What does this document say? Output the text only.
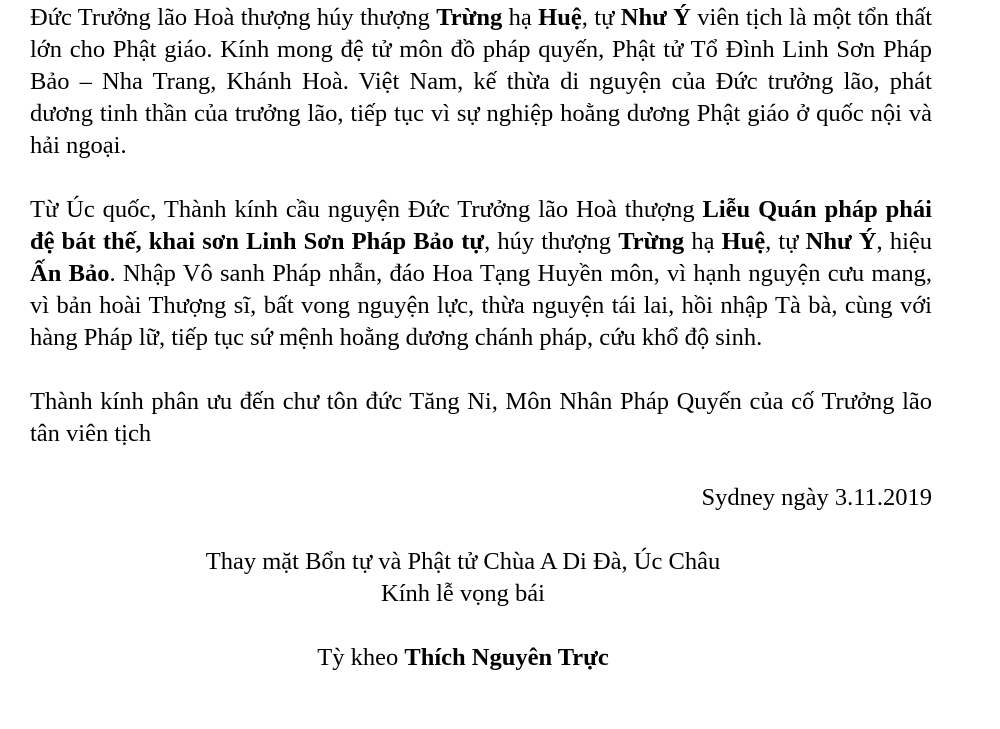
Đức Trưởng lão Hoà thượng húy thượng Trừng hạ Huệ, tự Như Ý viên tịch là một tổn thất lớn cho Phật giáo. Kính mong đệ tử môn đồ pháp quyến, Phật tử Tổ Đình Linh Sơn Pháp Bảo – Nha Trang, Khánh Hoà. Việt Nam, kế thừa di nguyện của Đức trưởng lão, phát dương tinh thần của trưởng lão, tiếp tục vì sự nghiệp hoằng dương Phật giáo ở quốc nội và hải ngoại.

Từ Úc quốc, Thành kính cầu nguyện Đức Trưởng lão Hoà thượng Liễu Quán pháp phái đệ bát thế, khai sơn Linh Sơn Pháp Bảo tự, húy thượng Trừng hạ Huệ, tự Như Ý, hiệu Ấn Bảo. Nhập Vô sanh Pháp nhẫn, đáo Hoa Tạng Huyền môn, vì hạnh nguyện cưu mang, vì bản hoài Thượng sĩ, bất vong nguyện lực, thừa nguyện tái lai, hồi nhập Tà bà, cùng với hàng Pháp lữ, tiếp tục sứ mệnh hoằng dương chánh pháp, cứu khổ độ sinh.

Thành kính phân ưu đến chư tôn đức Tăng Ni, Môn Nhân Pháp Quyến của cố Trưởng lão tân viên tịch

Sydney ngày 3.11.2019

Thay mặt Bổn tự và Phật tử Chùa A Di Đà, Úc Châu

Kính lễ vọng bái

Tỳ kheo Thích Nguyên Trực
